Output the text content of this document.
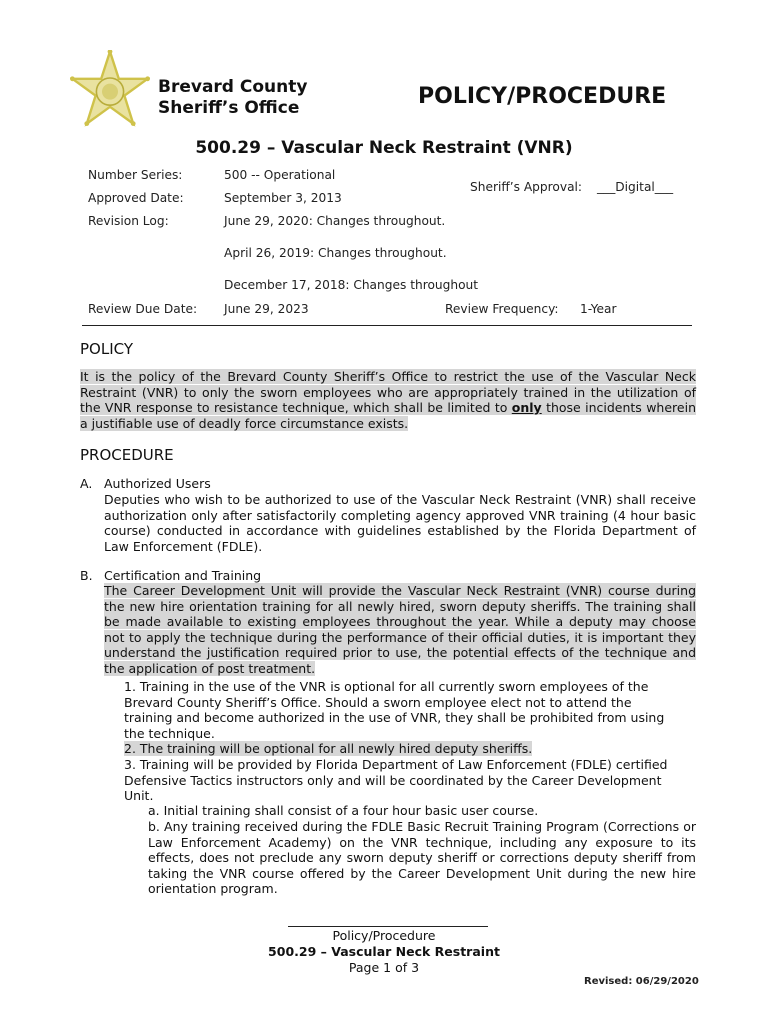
Brevard County
Sheriff’s Office	POLICY/PROCEDURE
500.29 – Vascular Neck Restraint (VNR)
Number Series:	500 -- Operational
Approved Date:	September 3, 2013
Sheriff’s Approval: ___Digital___
Revision Log:	June 29, 2020: Changes throughout.
April 26, 2019: Changes throughout.
December 17, 2018: Changes throughout
Review Due Date: June 29, 2023	Review Frequency: 1-Year
POLICY
It is the policy of the Brevard County Sheriff’s Office to restrict the use of the Vascular Neck Restraint (VNR) to only the sworn employees who are appropriately trained in the utilization of the VNR response to resistance technique, which shall be limited to only those incidents wherein a justifiable use of deadly force circumstance exists.
PROCEDURE
A. Authorized Users
Deputies who wish to be authorized to use of the Vascular Neck Restraint (VNR) shall receive authorization only after satisfactorily completing agency approved VNR training (4 hour basic course) conducted in accordance with guidelines established by the Florida Department of Law Enforcement (FDLE).
B. Certification and Training
The Career Development Unit will provide the Vascular Neck Restraint (VNR) course during the new hire orientation training for all newly hired, sworn deputy sheriffs. The training shall be made available to existing employees throughout the year. While a deputy may choose not to apply the technique during the performance of their official duties, it is important they understand the justification required prior to use, the potential effects of the technique and the application of post treatment.
1. Training in the use of the VNR is optional for all currently sworn employees of the Brevard County Sheriff’s Office. Should a sworn employee elect not to attend the training and become authorized in the use of VNR, they shall be prohibited from using the technique.
2. The training will be optional for all newly hired deputy sheriffs.
3. Training will be provided by Florida Department of Law Enforcement (FDLE) certified Defensive Tactics instructors only and will be coordinated by the Career Development Unit.
a. Initial training shall consist of a four hour basic user course.
b. Any training received during the FDLE Basic Recruit Training Program (Corrections or Law Enforcement Academy) on the VNR technique, including any exposure to its effects, does not preclude any sworn deputy sheriff or corrections deputy sheriff from taking the VNR course offered by the Career Development Unit during the new hire orientation program.
Policy/Procedure
500.29 – Vascular Neck Restraint
Page 1 of 3
Revised: 06/29/2020
